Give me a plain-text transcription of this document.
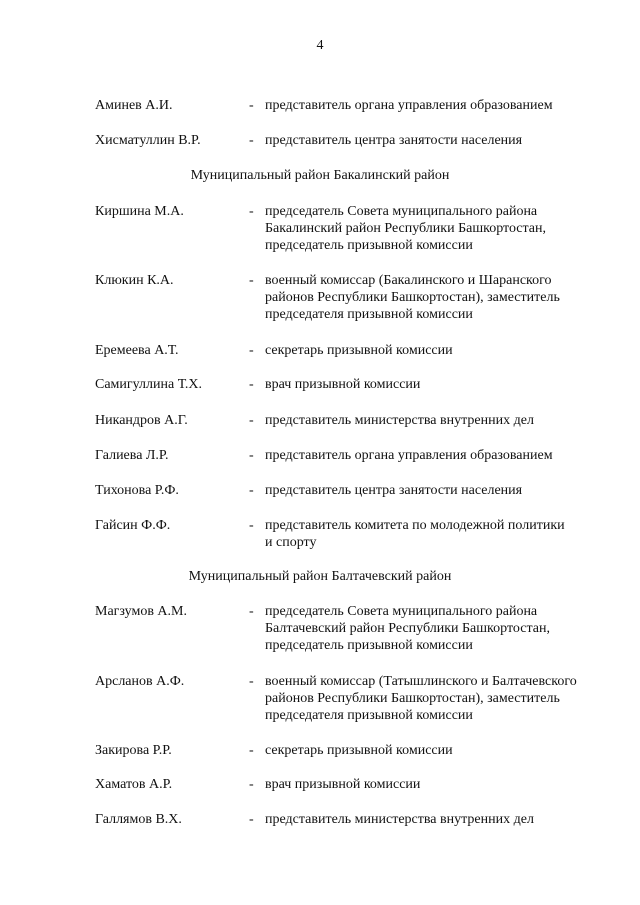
4
Аминев А.И.	- представитель органа управления образованием
Хисматуллин В.Р.	- представитель центра занятости населения
Муниципальный район Бакалинский район
Киршина М.А.	- председатель Совета муниципального района
Бакалинский район Республики Башкортостан,
председатель призывной комиссии
Клюкин К.А.	- военный комиссар (Бакалинского и Шаранского
районов Республики Башкортостан), заместитель
председателя призывной комиссии
Еремеева А.Т.	- секретарь призывной комиссии
Самигуллина Т.Х.	- врач призывной комиссии
Никандров А.Г.	- представитель министерства внутренних дел
Галиева Л.Р.	- представитель органа управления образованием
Тихонова Р.Ф.	- представитель центра занятости населения
Гайсин Ф.Ф.	- представитель комитета по молодежной политики
и спорту
Муниципальный район Балтачевский район
Магзумов А.М.	- председатель Совета муниципального района
Балтачевский район Республики Башкортостан,
председатель призывной комиссии
Арсланов А.Ф.	- военный комиссар (Татышлинского и Балтачевского
районов Республики Башкортостан), заместитель
председателя призывной комиссии
Закирова Р.Р.	- секретарь призывной комиссии
Хаматов А.Р.	- врач призывной комиссии
Галлямов В.Х.	- представитель министерства внутренних дел
